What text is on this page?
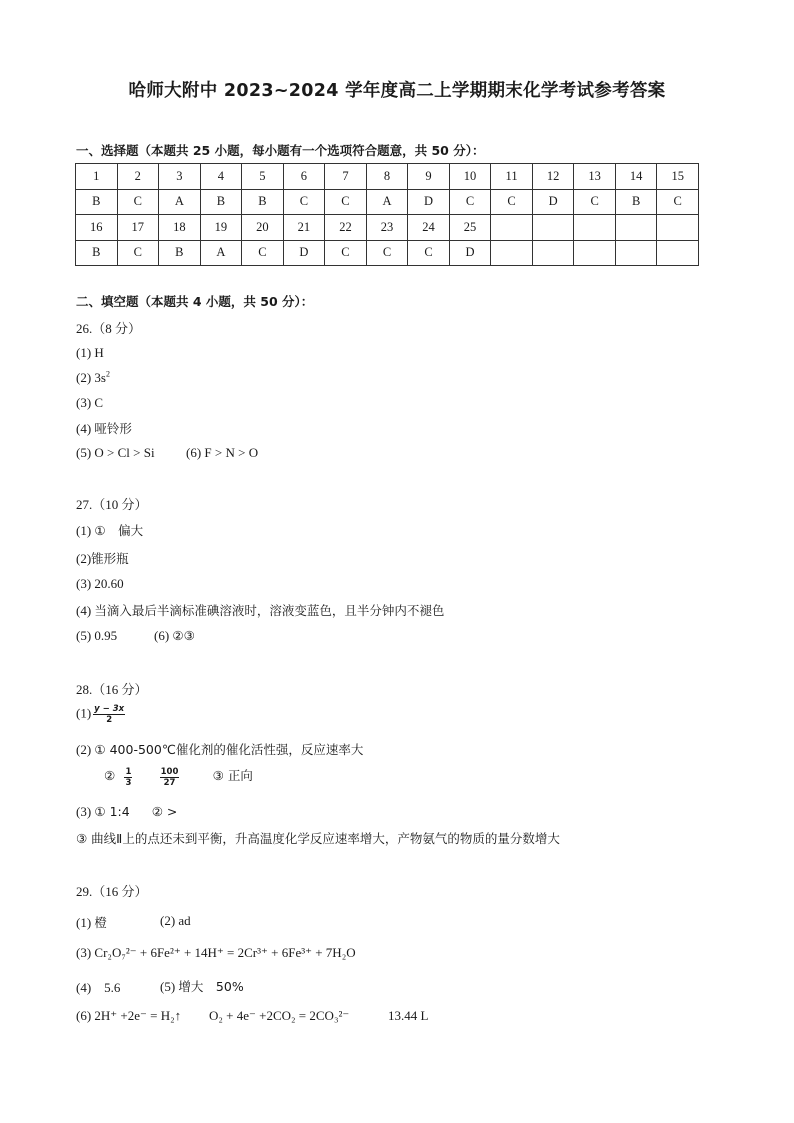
哈师大附中 2023~2024 学年度高二上学期期末化学考试参考答案
一、选择题（本题共 25 小题，每小题有一个选项符合题意，共 50 分）：
1	2	3	4	5	6	7	8	9	10	11	12	13	14	15
B	C	A	B	B	C	C	A	D	C	C	D	C	B	C
16	17	18	19	20	21	22	23	24	25					
B	C	B	A	C	D	C	C	C	D					
二、填空题（本题共 4 小题，共 50 分）：
26.（8 分）
(1) H
(2) $3s^2$
(3) C
(4) 哑铃形
(5) O > Cl > Si (6) F > N > O
27.（10 分）
(1) ①　偏大
(2)锥形瓶
(3) 20.60
(4) 当滴入最后半滴标准碘溶液时，溶液变蓝色，且半分钟内不褪色
(5) 0.95	(6) ②③
28.（16 分）
$(1) \frac{y - 3x}{2}$
(2) ① 400-500℃催化剂的催化活性强，反应速率大
② $\frac{1}{3}$
	$\frac{100}{27}$	③ 正向
(3) ① 1:4 ② >
③ 曲线Ⅱ上的点还未到平衡，升高温度化学反应速率增大，产物氨气的物质的量分数增大
29.（16 分）
(1) 橙	(2) ad
(3) Cr₂O₇²⁻ + 6Fe²⁺ + 14H⁺ = 2Cr³⁺ + 6Fe³⁺ + 7H₂O
(4)　5.6	(5) 增大　50%
(6) 2H⁺ +2e⁻ = H₂↑ O₂ + 4e⁻ +2CO₂ = 2CO₃²⁻	13.44 L
